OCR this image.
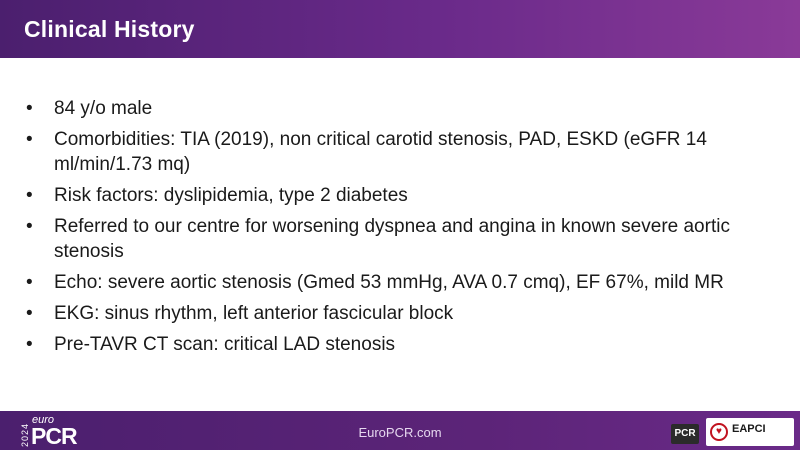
Clinical History
• 84 y/o male
• Comorbidities: TIA (2019), non critical carotid stenosis, PAD, ESKD (eGFR 14 ml/min/1.73 mq)
• Risk factors: dyslipidemia, type 2 diabetes
• Referred to our centre for worsening dyspnea and angina in known severe aortic stenosis
• Echo: severe aortic stenosis (Gmed 53 mmHg, AVA 0.7 cmq), EF 67%, mild MR
• EKG: sinus rhythm, left anterior fascicular block
• Pre-TAVR CT scan: critical LAD stenosis
2024
euro
PCR	EuroPCR.com	PCR	♥ EAPCI
